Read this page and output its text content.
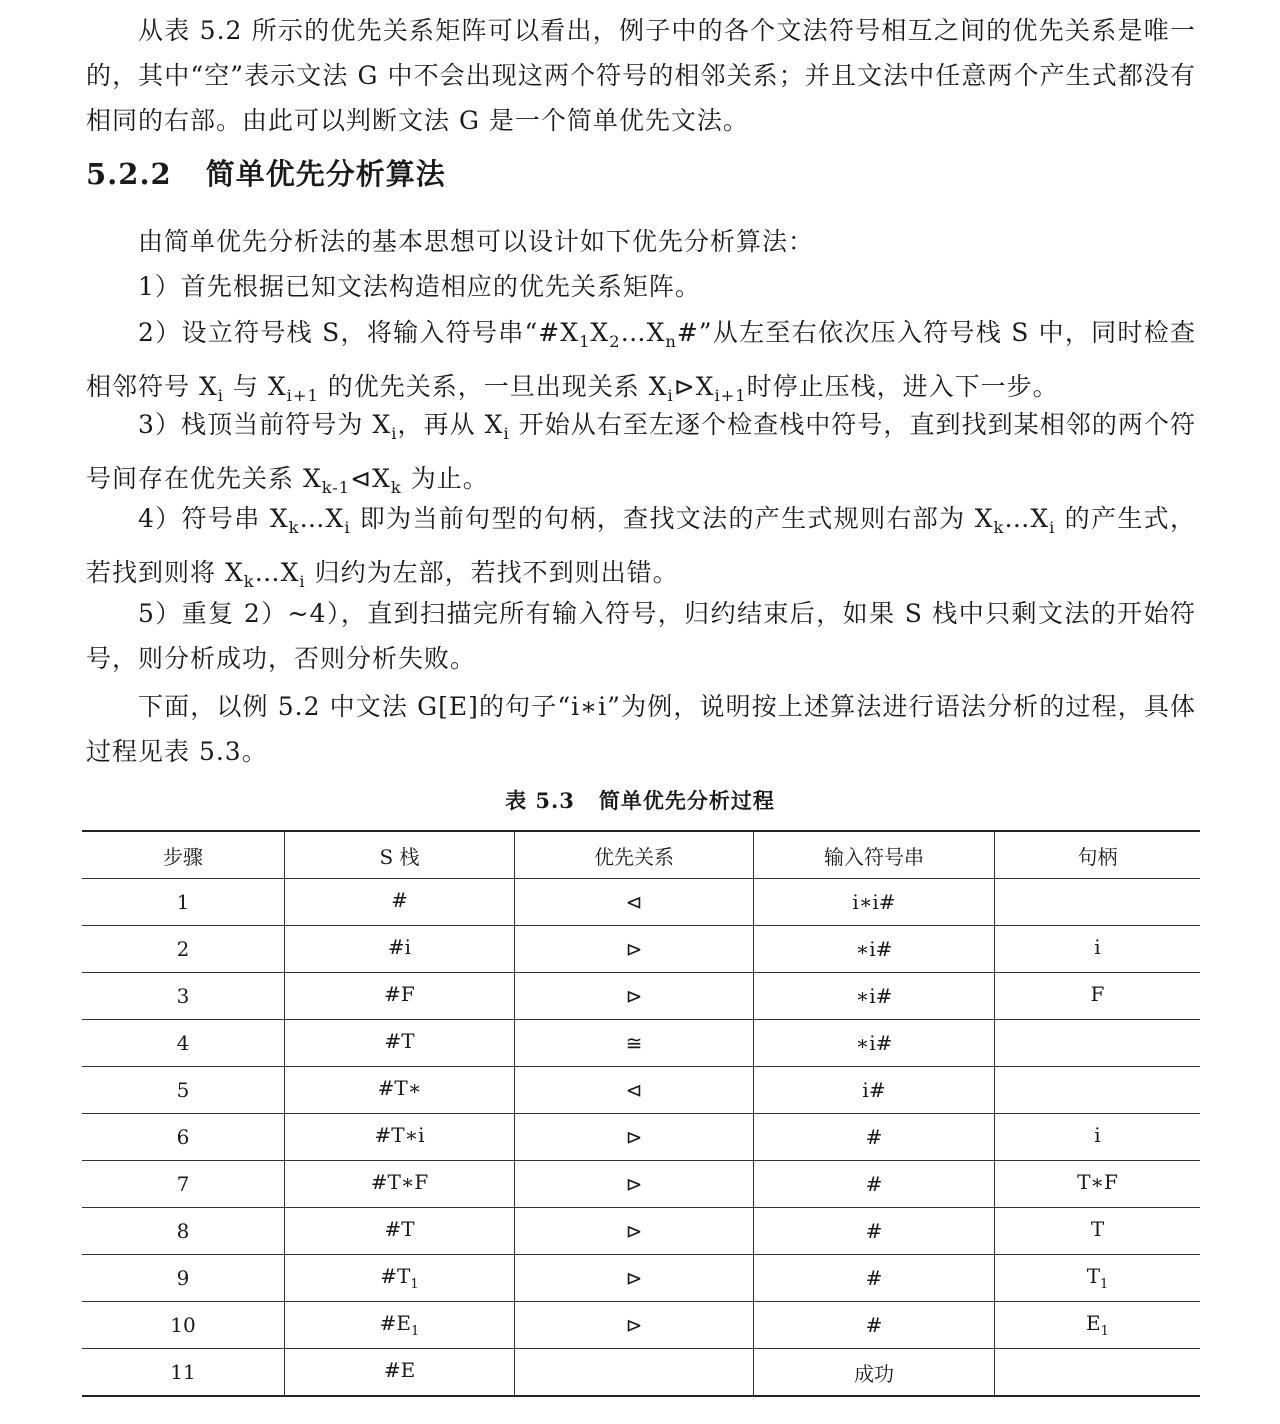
从表 5.2 所示的优先关系矩阵可以看出，例子中的各个文法符号相互之间的优先关系是唯一的，其中“空”表示文法 G 中不会出现这两个符号的相邻关系；并且文法中任意两个产生式都没有相同的右部。由此可以判断文法 G 是一个简单优先文法。

5.2.2 简单优先分析算法

由简单优先分析法的基本思想可以设计如下优先分析算法：

1）首先根据已知文法构造相应的优先关系矩阵。

2）设立符号栈 S，将输入符号串“$\#X_1X_2\dots X_n\#$”从左至右依次压入符号栈 S 中，同时检查相邻符号 $X_i$ 与 $X_{i+1}$ 的优先关系，一旦出现关系 $X_i⊳X_{i+1}$时停止压栈，进入下一步。

3）栈顶当前符号为 $X_i$，再从 $X_i$ 开始从右至左逐个检查栈中符号，直到找到某相邻的两个符号间存在优先关系 $X_{k-1}⊲X_k$ 为止。

4）符号串 $X_k\dots X_i$ 即为当前句型的句柄，查找文法的产生式规则右部为 $X_k\dots X_i$ 的产生式，若找到则将 $X_k\dots X_i$ 归约为左部，若找不到则出错。

5）重复 2）~4），直到扫描完所有输入符号，归约结束后，如果 S 栈中只剩文法的开始符号，则分析成功，否则分析失败。

下面，以例 5.2 中文法 G[E]的句子“i∗i”为例，说明按上述算法进行语法分析的过程，具体过程见表 5.3。

表 5.3 简单优先分析过程

步骤	S 栈	优先关系	输入符号串	句柄
1	#	⊲	i∗i#	
2	#i	⊳	∗i#	i
3	#F	⊳	∗i#	F
4	#T	≅	∗i#	
5	#T∗	⊲	i#	
6	#T∗i	⊳	#	i
7	#T∗F	⊳	#	T∗F
8	#T	⊳	#	T
9	$\#T_1$	⊳	#	$T_1$
10	$\#E_1$	⊳	#	$E_1$
11	#E		成功	
